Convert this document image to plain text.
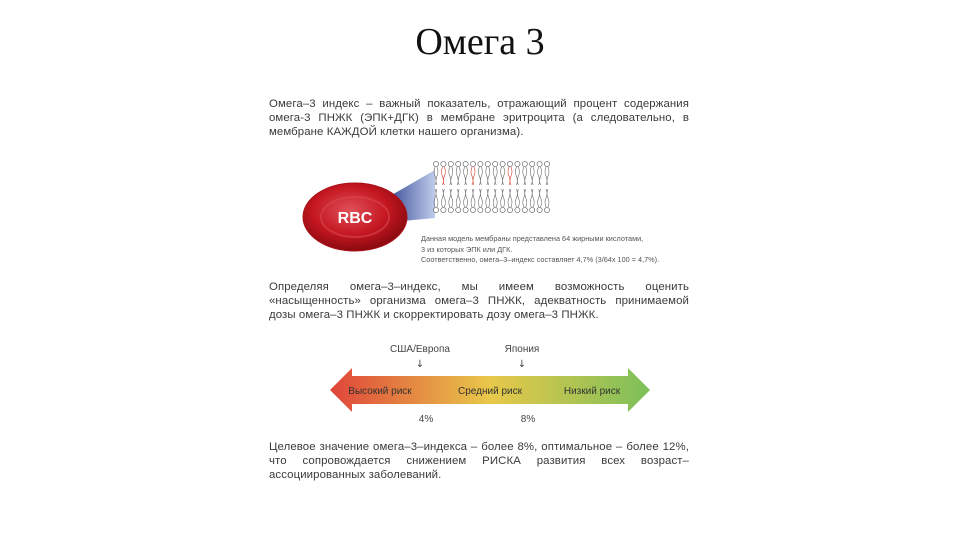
Омега 3
Омега–3 индекс – важный показатель, отражающий процент содержания омега-3 ПНЖК (ЭПК+ДГК) в мембране эритроцита (а следовательно, в мембране КАЖДОЙ клетки нашего организма).
RBC
Данная модель мембраны представлена 64 жирными кислотами,
3 из которых ЭПК или ДГК.
Соответственно, омега–3–индекс составляет 4,7% (3/64х 100 = 4,7%).
Определяя омега–3–индекс, мы имеем возможность оценить «насыщенность» организма омега–3 ПНЖК, адекватность принимаемой дозы омега–3 ПНЖК и скорректировать дозу омега–3 ПНЖК.
США/Европа
↓
Япония
↓
Высокий риск	Средний риск	Низкий риск
4%	8%
Целевое значение омега–3–индекса – более 8%, оптимальное – более 12%, что сопровождается снижением РИСКА развития всех возраст–ассоциированных заболеваний.
